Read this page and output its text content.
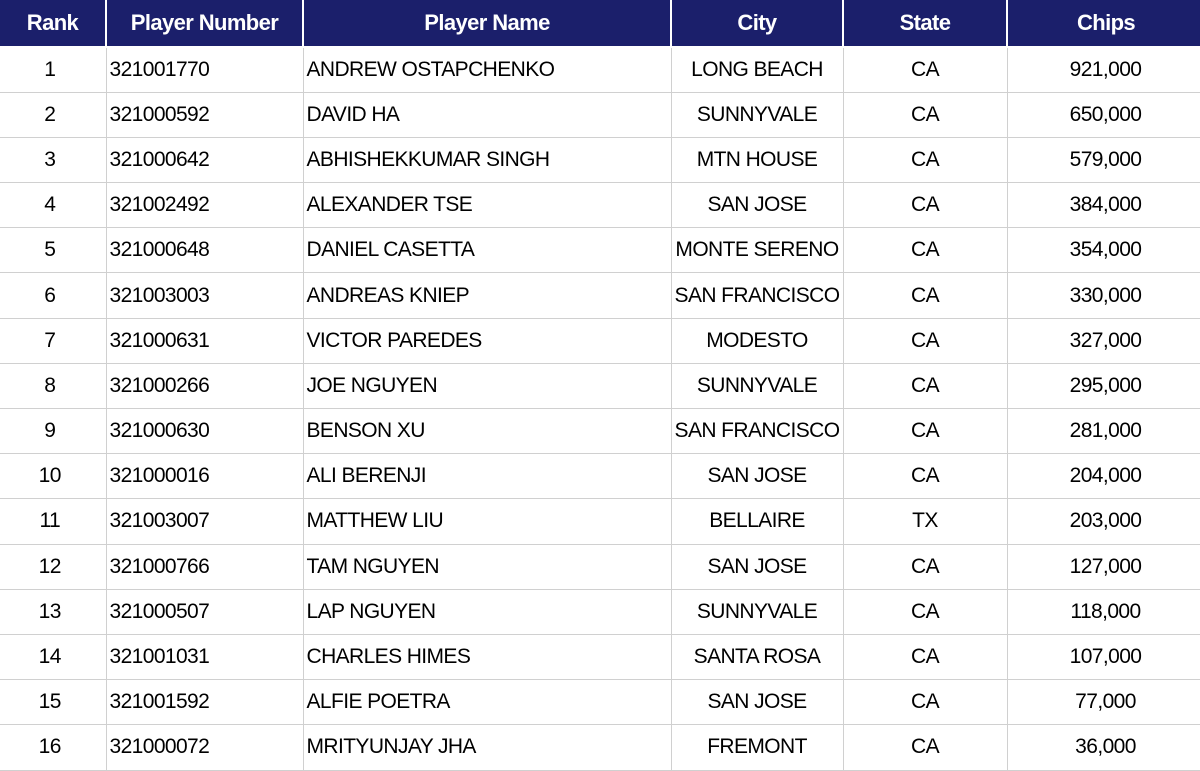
Rank	Player Number	Player Name	City	State	Chips
1	321001770	ANDREW OSTAPCHENKO	LONG BEACH	CA	921,000
2	321000592	DAVID HA	SUNNYVALE	CA	650,000
3	321000642	ABHISHEKKUMAR SINGH	MTN HOUSE	CA	579,000
4	321002492	ALEXANDER TSE	SAN JOSE	CA	384,000
5	321000648	DANIEL CASETTA	MONTE SERENO	CA	354,000
6	321003003	ANDREAS KNIEP	SAN FRANCISCO	CA	330,000
7	321000631	VICTOR PAREDES	MODESTO	CA	327,000
8	321000266	JOE NGUYEN	SUNNYVALE	CA	295,000
9	321000630	BENSON XU	SAN FRANCISCO	CA	281,000
10	321000016	ALI BERENJI	SAN JOSE	CA	204,000
11	321003007	MATTHEW LIU	BELLAIRE	TX	203,000
12	321000766	TAM NGUYEN	SAN JOSE	CA	127,000
13	321000507	LAP NGUYEN	SUNNYVALE	CA	118,000
14	321001031	CHARLES HIMES	SANTA ROSA	CA	107,000
15	321001592	ALFIE POETRA	SAN JOSE	CA	77,000
16	321000072	MRITYUNJAY JHA	FREMONT	CA	36,000
